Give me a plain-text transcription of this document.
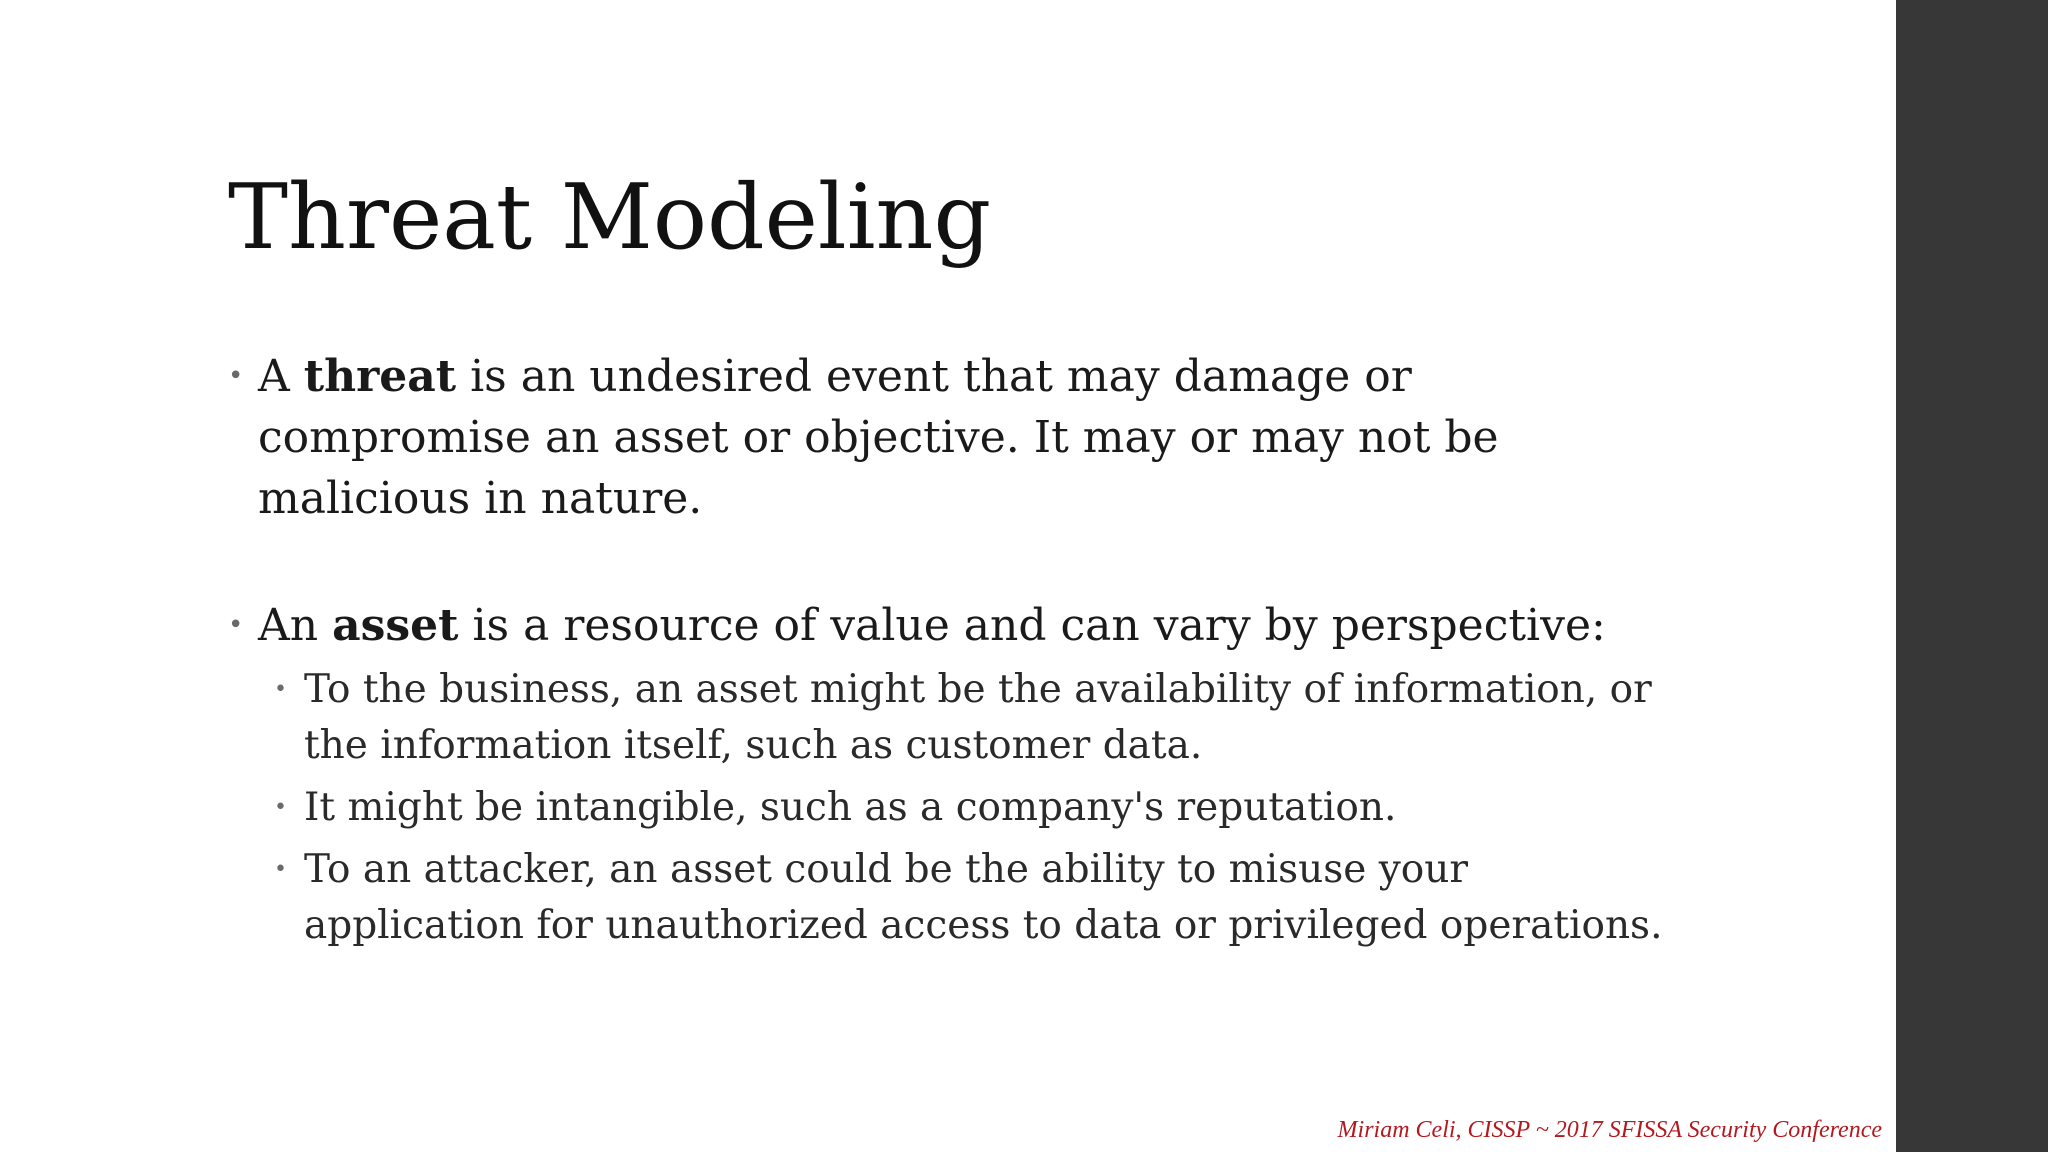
Threat Modeling
• A threat is an undesired event that may damage or compromise an asset or objective. It may or may not be malicious in nature.
• An asset is a resource of value and can vary by perspective:
• To the business, an asset might be the availability of information, or the information itself, such as customer data.
• It might be intangible, such as a company's reputation.
• To an attacker, an asset could be the ability to misuse your application for unauthorized access to data or privileged operations.
Miriam Celi, CISSP ~ 2017 SFISSA Security Conference
